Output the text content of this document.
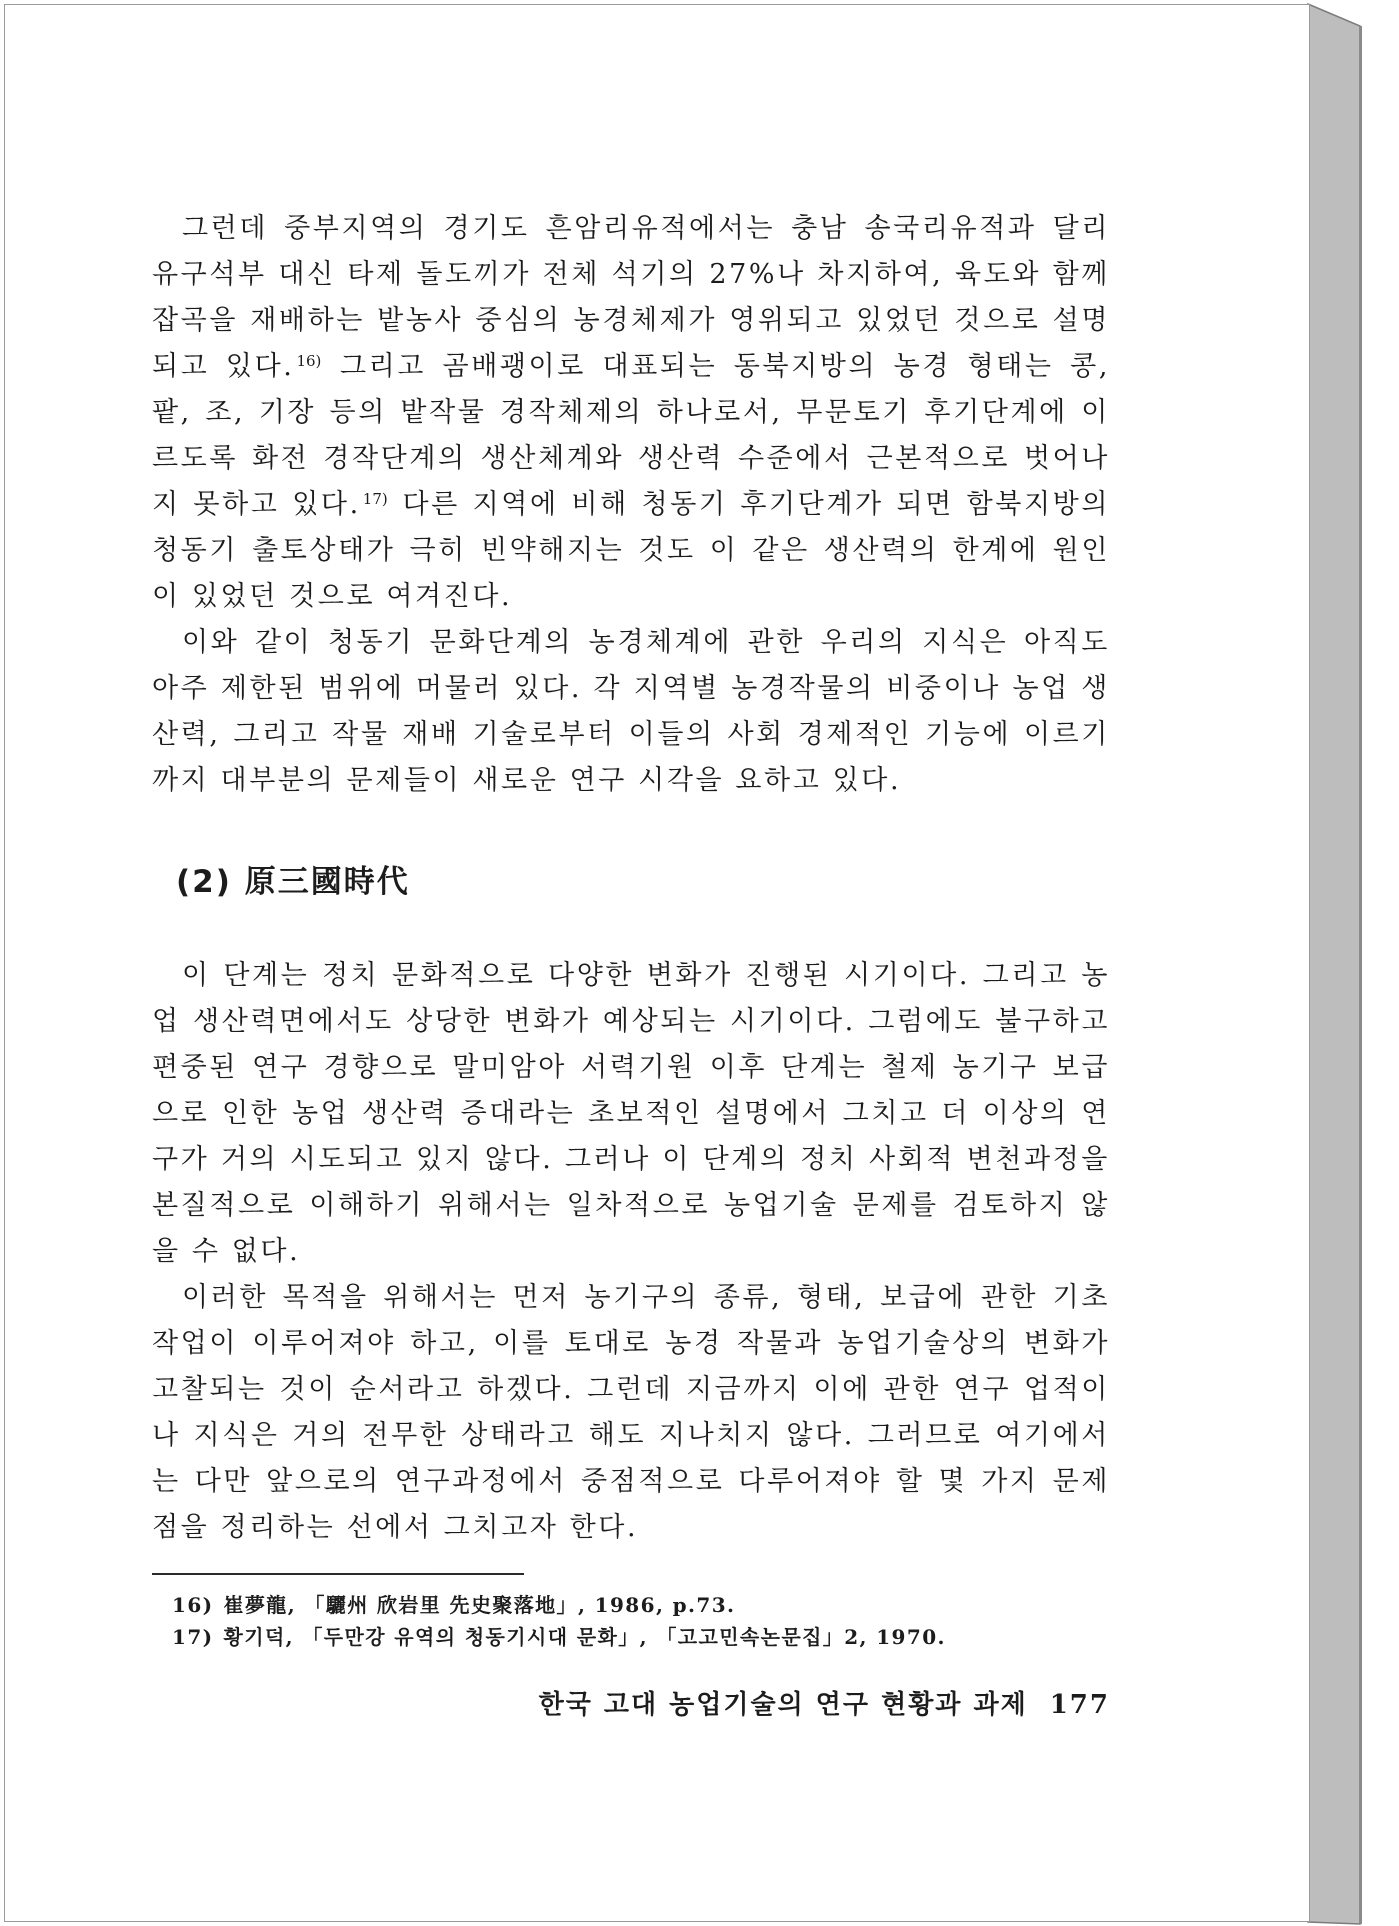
그런데 중부지역의 경기도 흔암리유적에서는 충남 송국리유적과 달리 유구석부 대신 타제 돌도끼가 전체 석기의 27%나 차지하여, 육도와 함께 잡곡을 재배하는 밭농사 중심의 농경체제가 영위되고 있었던 것으로 설명되고 있다. $^{16)}$ 그리고 곰배괭이로 대표되는 동북지방의 농경 형태는 콩, 팥, 조, 기장 등의 밭작물 경작체제의 하나로서, 무문토기 후기단계에 이르도록 화전 경작단계의 생산체계와 생산력 수준에서 근본적으로 벗어나지 못하고 있다. $^{17)}$ 다른 지역에 비해 청동기 후기단계가 되면 함북지방의 청동기 출토상태가 극히 빈약해지는 것도 이 같은 생산력의 한계에 원인이 있었던 것으로 여겨진다.

이와 같이 청동기 문화단계의 농경체계에 관한 우리의 지식은 아직도 아주 제한된 범위에 머물러 있다. 각 지역별 농경작물의 비중이나 농업 생산력, 그리고 작물 재배 기술로부터 이들의 사회 경제적인 기능에 이르기까지 대부분의 문제들이 새로운 연구 시각을 요하고 있다.

(2) 原三國時代

이 단계는 정치 문화적으로 다양한 변화가 진행된 시기이다. 그리고 농업 생산력면에서도 상당한 변화가 예상되는 시기이다. 그럼에도 불구하고 편중된 연구 경향으로 말미암아 서력기원 이후 단계는 철제 농기구 보급으로 인한 농업 생산력 증대라는 초보적인 설명에서 그치고 더 이상의 연구가 거의 시도되고 있지 않다. 그러나 이 단계의 정치 사회적 변천과정을 본질적으로 이해하기 위해서는 일차적으로 농업기술 문제를 검토하지 않을 수 없다.

이러한 목적을 위해서는 먼저 농기구의 종류, 형태, 보급에 관한 기초 작업이 이루어져야 하고, 이를 토대로 농경 작물과 농업기술상의 변화가 고찰되는 것이 순서라고 하겠다. 그런데 지금까지 이에 관한 연구 업적이나 지식은 거의 전무한 상태라고 해도 지나치지 않다. 그러므로 여기에서는 다만 앞으로의 연구과정에서 중점적으로 다루어져야 할 몇 가지 문제점을 정리하는 선에서 그치고자 한다.

16) 崔夢龍, 「驪州 欣岩里 先史聚落地」, 1986, p.73.
17) 황기덕, 「두만강 유역의 청동기시대 문화」, 「고고민속논문집」2, 1970.
한국 고대 농업기술의 연구 현황과 과제 177
